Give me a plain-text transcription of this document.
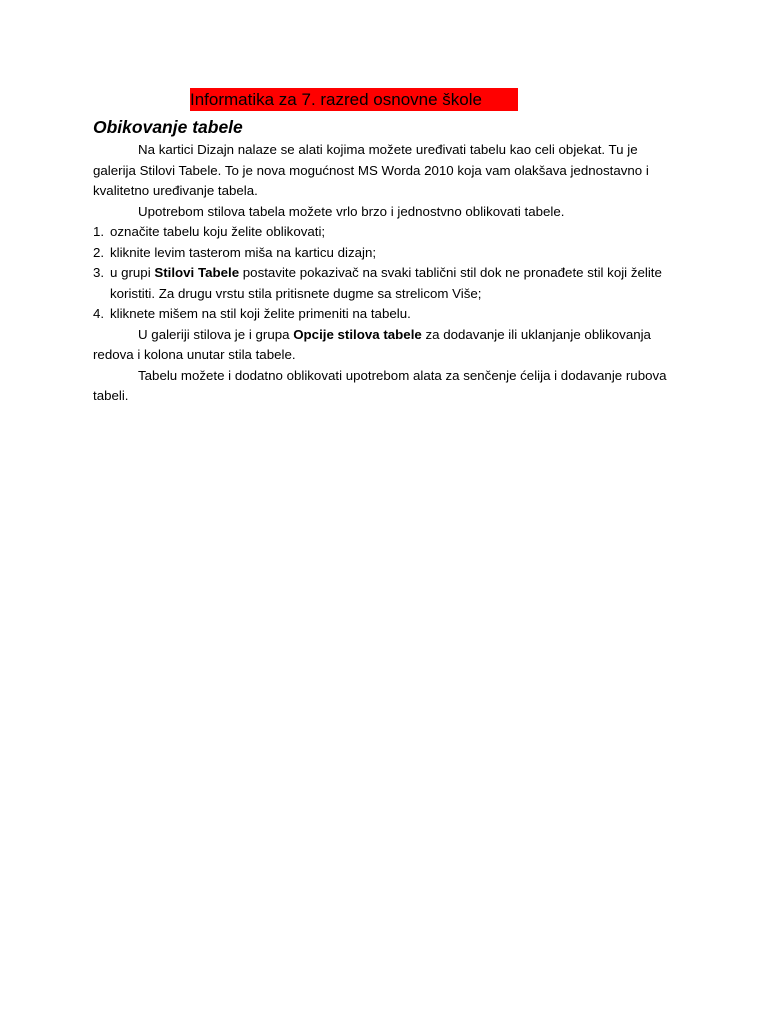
Informatika za 7. razred osnovne škole
Obikovanje tabele

Na kartici Dizajn nalaze se alati kojima možete uređivati tabelu kao celi objekat. Tu je galerija Stilovi Tabele. To je nova mogućnost MS Worda 2010 koja vam olakšava jednostavno i kvalitetno uređivanje tabela.

Upotrebom stilova tabela možete vrlo brzo i jednostvno oblikovati tabele.

1. označite tabelu koju želite oblikovati;
2. kliknite levim tasterom miša na karticu dizajn;
3. u grupi Stilovi Tabele postavite pokazivač na svaki tablični stil dok ne pronađete stil koji želite koristiti. Za drugu vrstu stila pritisnete dugme sa strelicom Više;
4. kliknete mišem na stil koji želite primeniti na tabelu.

U galeriji stilova je i grupa Opcije stilova tabele za dodavanje ili uklanjanje oblikovanja redova i kolona unutar stila tabele.

Tabelu možete i dodatno oblikovati upotrebom alata za senčenje ćelija i dodavanje rubova tabeli.
